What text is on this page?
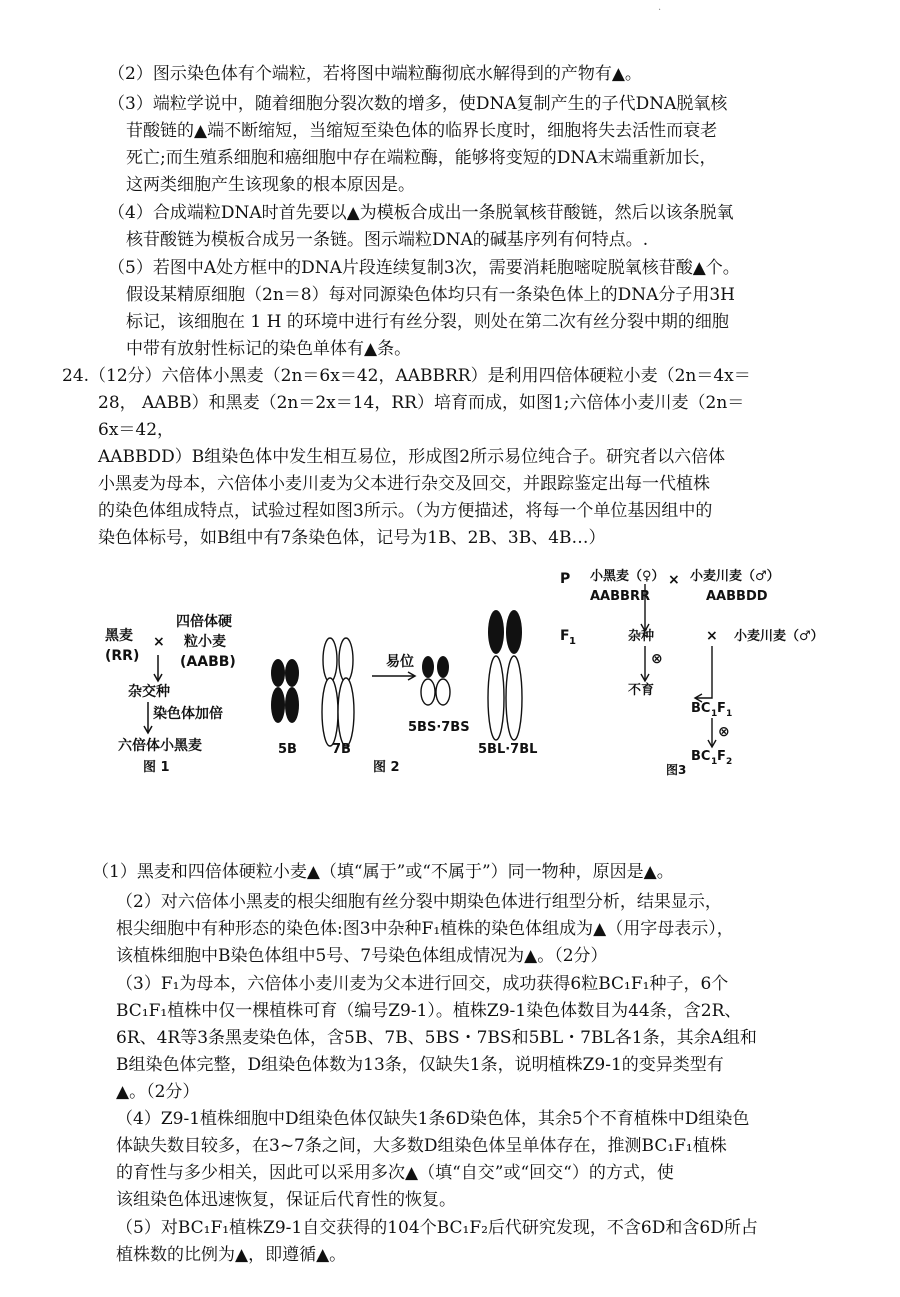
.
（2）图示染色体有个端粒，若将图中端粒酶彻底水解得到的产物有▲。
（3）端粒学说中，随着细胞分裂次数的增多，使DNA复制产生的子代DNA脱氧核
苷酸链的▲端不断缩短，当缩短至染色体的临界长度时，细胞将失去活性而衰老
死亡;而生殖系细胞和癌细胞中存在端粒酶，能够将变短的DNA末端重新加长，
这两类细胞产生该现象的根本原因是。
（4）合成端粒DNA时首先要以▲为模板合成出一条脱氧核苷酸链，然后以该条脱氧
核苷酸链为模板合成另一条链。图示端粒DNA的碱基序列有何特点。.
（5）若图中A处方框中的DNA片段连续复制3次，需要消耗胞嘧啶脱氧核苷酸▲个。
假设某精原细胞（2n＝8）每对同源染色体均只有一条染色体上的DNA分子用3H
标记，该细胞在 1 H 的环境中进行有丝分裂，则处在第二次有丝分裂中期的细胞
中带有放射性标记的染色单体有▲条。
24.（12分）六倍体小黑麦（2n＝6x＝42，AABBRR）是利用四倍体硬粒小麦（2n＝4x＝
28， AABB）和黑麦（2n＝2x＝14，RR）培育而成，如图1;六倍体小麦川麦（2n＝
6x＝42，
AABBDD）B组染色体中发生相互易位，形成图2所示易位纯合子。研究者以六倍体
小黑麦为母本，六倍体小麦川麦为父本进行杂交及回交，并跟踪鉴定出每一代植株
的染色体组成特点，试验过程如图3所示。（为方便描述，将每一个单位基因组中的
染色体标号，如B组中有7条染色体，记号为1B、2B、3B、4B…）
黑麦
(RR)
×
四倍体硬
粒小麦
(AABB)
杂交种
染色体加倍
六倍体小黑麦
图 1
5B	7B
易位
5BS·7BS
5BL·7BL
图 2
P 小黑麦（♀）
AABBRR
× 小麦川麦（♂）
AABBDD
F 1	杂种	× 小麦川麦（♂）
⊗
不育
BC 1 F 1
⊗
BC 1 F 2
图3
（1）黑麦和四倍体硬粒小麦▲（填“属于”或“不属于”）同一物种，原因是▲。
（2）对六倍体小黑麦的根尖细胞有丝分裂中期染色体进行组型分析，结果显示，
根尖细胞中有种形态的染色体:图3中杂种F₁植株的染色体组成为▲（用字母表示），
该植株细胞中B染色体组中5号、7号染色体组成情况为▲。（2分）
（3）F₁为母本，六倍体小麦川麦为父本进行回交，成功获得6粒BC₁F₁种子，6个
BC₁F₁植株中仅一棵植株可育（编号Z9-1）。植株Z9-1染色体数目为44条，含2R、
6R、4R等3条黑麦染色体，含5B、7B、5BS・7BS和5BL・7BL各1条，其余A组和
B组染色体完整，D组染色体数为13条，仅缺失1条，说明植株Z9-1的变异类型有
▲。（2分）
（4）Z9-1植株细胞中D组染色体仅缺失1条6D染色体，其余5个不育植株中D组染色
体缺失数目较多，在3~7条之间，大多数D组染色体呈单体存在，推测BC₁F₁植株
的育性与多少相关，因此可以采用多次▲（填“自交”或“回交“）的方式，使
该组染色体迅速恢复，保证后代育性的恢复。
（5）对BC₁F₁植株Z9-1自交获得的104个BC₁F₂后代研究发现，不含6D和含6D所占
植株数的比例为▲，即遵循▲。
